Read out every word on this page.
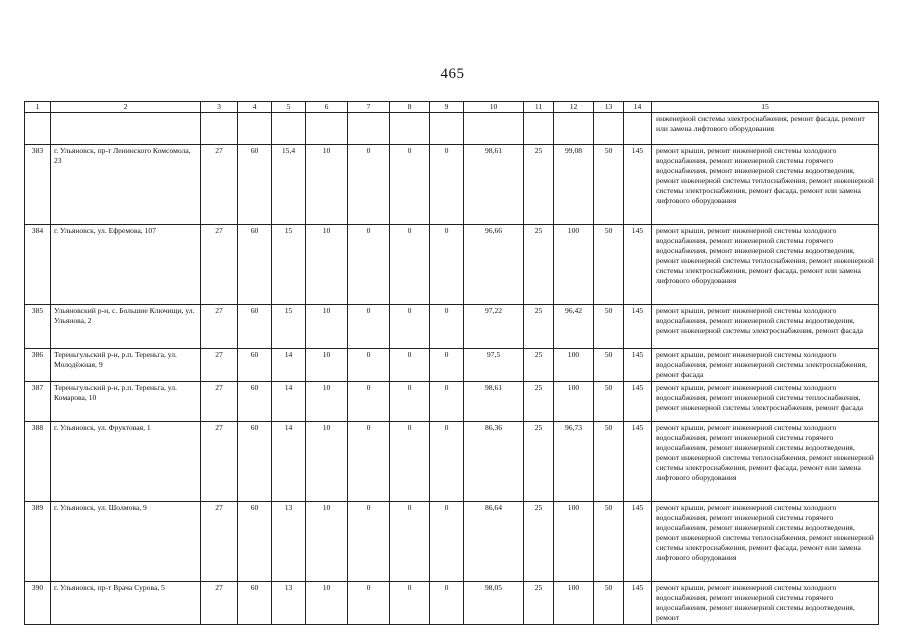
465
1	2	3	4	5	6	7	8	9	10	11	12	13	14	15
														инженерной системы электроснабжения, ремонт фасада, ремонт или замена лифтового оборудования
383	г. Ульяновск, пр-т Ленинского Комсомола, 23	27	60	15,4	10	0	0	0	98,61	25	99,08	50	145	ремонт крыши, ремонт инженерной системы холодного водоснабжения, ремонт инженерной системы горячего водоснабжения, ремонт инженерной системы водоотведения, ремонт инженерной системы теплоснабжения, ремонт инженерной системы электроснабжения, ремонт фасада, ремонт или замена лифтового оборудования
384	г. Ульяновск, ул. Ефремова, 107	27	60	15	10	0	0	0	96,66	25	100	50	145	ремонт крыши, ремонт инженерной системы холодного водоснабжения, ремонт инженерной системы горячего водоснабжения, ремонт инженерной системы водоотведения, ремонт инженерной системы теплоснабжения, ремонт инженерной системы электроснабжения, ремонт фасада, ремонт или замена лифтового оборудования
385	Ульяновский р-н, с. Большие Ключищи, ул. Ульянова, 2	27	60	15	10	0	0	0	97,22	25	96,42	50	145	ремонт крыши, ремонт инженерной системы холодного водоснабжения, ремонт инженерной системы водоотведения, ремонт инженерной системы электроснабжения, ремонт фасада
386	Тереньгульский р-н, р.п. Тереньга, ул. Молодёжная, 9	27	60	14	10	0	0	0	97,5	25	100	50	145	ремонт крыши, ремонт инженерной системы холодного водоснабжения, ремонт инженерной системы электроснабжения, ремонт фасада
387	Тереньгульский р-н, р.п. Тереньга, ул. Комарова, 10	27	60	14	10	0	0	0	98,61	25	100	50	145	ремонт крыши, ремонт инженерной системы холодного водоснабжения, ремонт инженерной системы теплоснабжения, ремонт инженерной системы электроснабжения, ремонт фасада
388	г. Ульяновск, ул. Фруктовая, 1	27	60	14	10	0	0	0	86,36	25	96,73	50	145	ремонт крыши, ремонт инженерной системы холодного водоснабжения, ремонт инженерной системы горячего водоснабжения, ремонт инженерной системы водоотведения, ремонт инженерной системы теплоснабжения, ремонт инженерной системы электроснабжения, ремонт фасада, ремонт или замена лифтового оборудования
389	г. Ульяновск, ул. Шолмова, 9	27	60	13	10	0	0	0	86,64	25	100	50	145	ремонт крыши, ремонт инженерной системы холодного водоснабжения, ремонт инженерной системы горячего водоснабжения, ремонт инженерной системы водоотведения, ремонт инженерной системы теплоснабжения, ремонт инженерной системы электроснабжения, ремонт фасада, ремонт или замена лифтового оборудования
390	г. Ульяновск, пр-т Врача Сурова, 5	27	60	13	10	0	0	0	98,05	25	100	50	145	ремонт крыши, ремонт инженерной системы холодного водоснабжения, ремонт инженерной системы горячего водоснабжения, ремонт инженерной системы водоотведения, ремонт
